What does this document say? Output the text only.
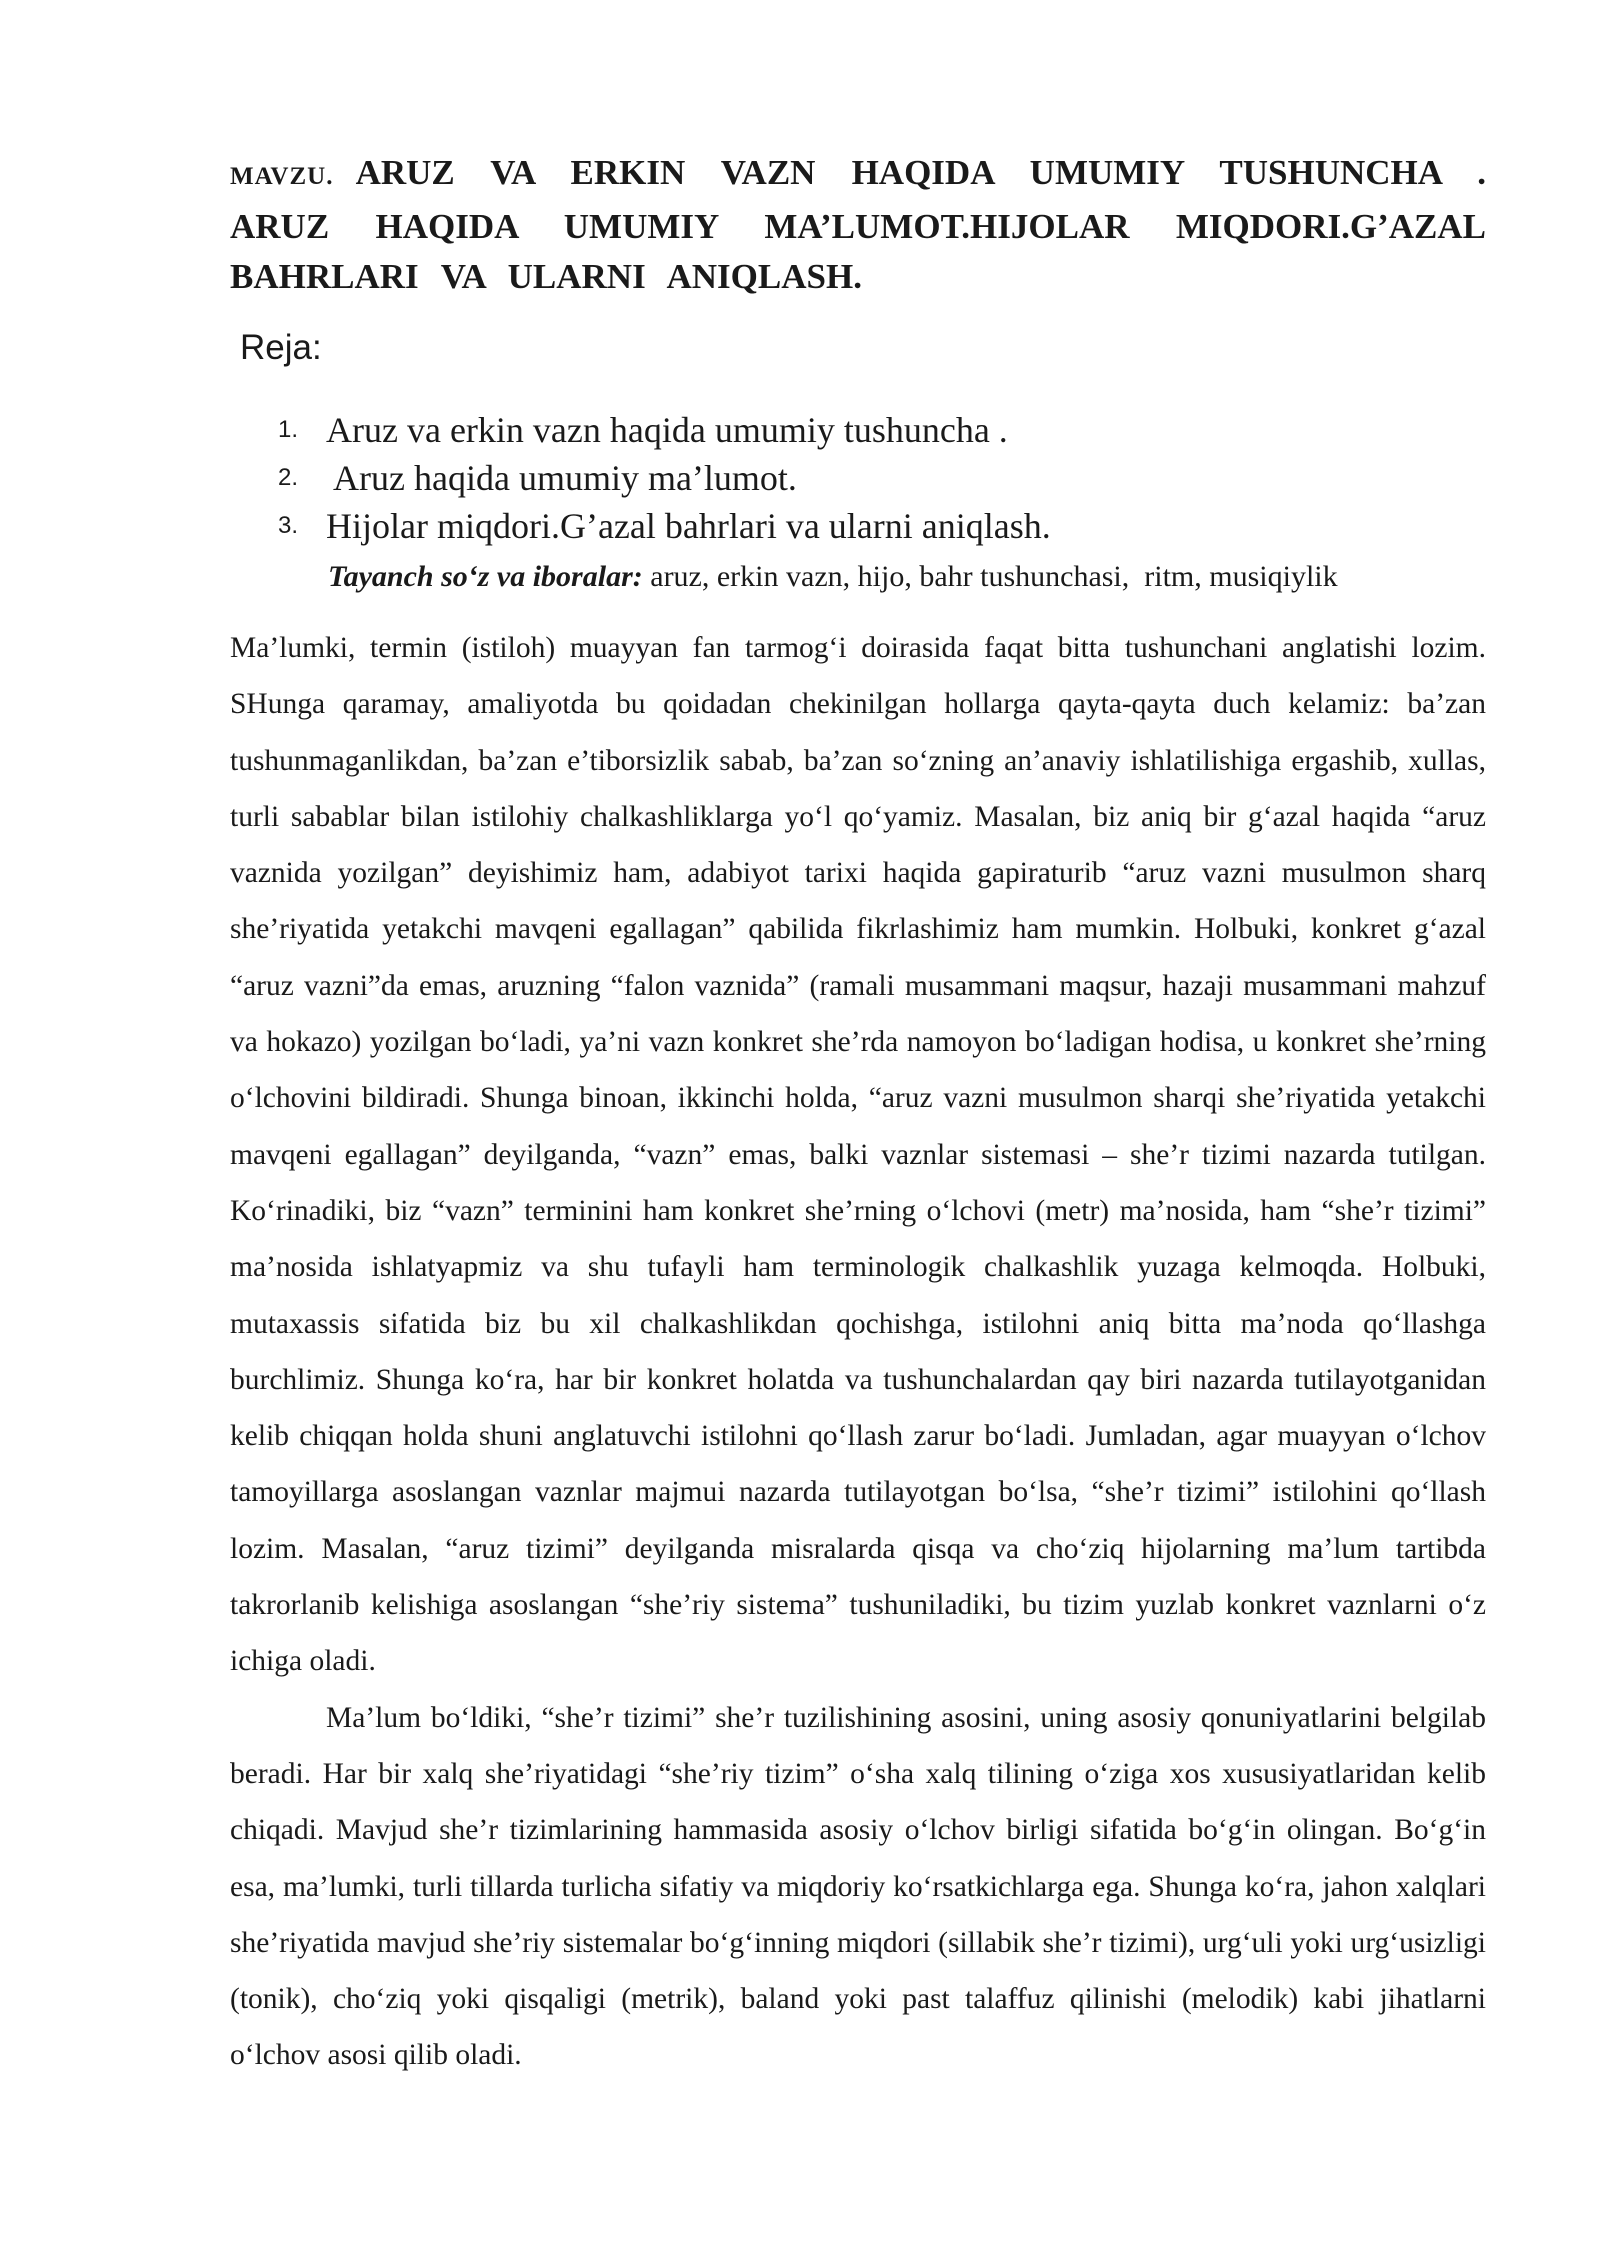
MAVZU. ARUZ VA ERKIN VAZN HAQIDA UMUMIY TUSHUNCHA . ARUZ HAQIDA UMUMIY MA’LUMOT.HIJOLAR MIQDORI.G’AZAL BAHRLARI VA ULARNI ANIQLASH.

Reja:

1. Aruz va erkin vazn haqida umumiy tushuncha .
2. Aruz haqida umumiy ma’lumot.
3. Hijolar miqdori.G’azal bahrlari va ularni aniqlash.

Tayanch so‘z va iboralar: aruz, erkin vazn, hijo, bahr tushunchasi,  ritm, musiqiylik

Ma’lumki, termin (istiloh) muayyan fan tarmog‘i doirasida faqat bitta tushunchani anglatishi lozim. SHunga qaramay, amaliyotda bu qoidadan chekinilgan hollarga qayta-qayta duch kelamiz: ba’zan tushunmaganlikdan, ba’zan e’tiborsizlik sabab, ba’zan so‘zning an’anaviy ishlatilishiga ergashib, xullas, turli sabablar bilan istilohiy chalkashliklarga yo‘l qo‘yamiz. Masalan, biz aniq bir g‘azal haqida “aruz vaznida yozilgan” deyishimiz ham, adabiyot tarixi haqida gapiraturib “aruz vazni musulmon sharq she’riyatida yetakchi mavqeni egallagan” qabilida fikrlashimiz ham mumkin. Holbuki, konkret g‘azal “aruz vazni”da emas, aruzning “falon vaznida” (ramali musammani maqsur, hazaji musammani mahzuf va hokazo) yozilgan bo‘ladi, ya’ni vazn konkret she’rda namoyon bo‘ladigan hodisa, u konkret she’rning o‘lchovini bildiradi. Shunga binoan, ikkinchi holda, “aruz vazni musulmon sharqi she’riyatida yetakchi mavqeni egallagan” deyilganda, “vazn” emas, balki vaznlar sistemasi – she’r tizimi nazarda tutilgan. Ko‘rinadiki, biz “vazn” terminini ham konkret she’rning o‘lchovi (metr) ma’nosida, ham “she’r tizimi” ma’nosida ishlatyapmiz va shu tufayli ham terminologik chalkashlik yuzaga kelmoqda. Holbuki, mutaxassis sifatida biz bu xil chalkashlikdan qochishga, istilohni aniq bitta ma’noda qo‘llashga burchlimiz. Shunga ko‘ra, har bir konkret holatda va tushunchalardan qay biri nazarda tutilayotganidan kelib chiqqan holda shuni anglatuvchi istilohni qo‘llash zarur bo‘ladi. Jumladan, agar muayyan o‘lchov tamoyillarga asoslangan vaznlar majmui nazarda tutilayotgan bo‘lsa, “she’r tizimi” istilohini qo‘llash lozim. Masalan, “aruz tizimi” deyilganda misralarda qisqa va cho‘ziq hijolarning ma’lum tartibda takrorlanib kelishiga asoslangan “she’riy sistema” tushuniladiki, bu tizim yuzlab konkret vaznlarni o‘z ichiga oladi.

Ma’lum bo‘ldiki, “she’r tizimi” she’r tuzilishining asosini, uning asosiy qonuniyatlarini belgilab beradi. Har bir xalq she’riyatidagi “she’riy tizim” o‘sha xalq tilining o‘ziga xos xususiyatlaridan kelib chiqadi. Mavjud she’r tizimlarining hammasida asosiy o‘lchov birligi sifatida bo‘g‘in olingan. Bo‘g‘in esa, ma’lumki, turli tillarda turlicha sifatiy va miqdoriy ko‘rsatkichlarga ega. Shunga ko‘ra, jahon xalqlari she’riyatida mavjud she’riy sistemalar bo‘g‘inning miqdori (sillabik she’r tizimi), urg‘uli yoki urg‘usizligi (tonik), cho‘ziq yoki qisqaligi (metrik), baland yoki past talaffuz qilinishi (melodik) kabi jihatlarni o‘lchov asosi qilib oladi.
